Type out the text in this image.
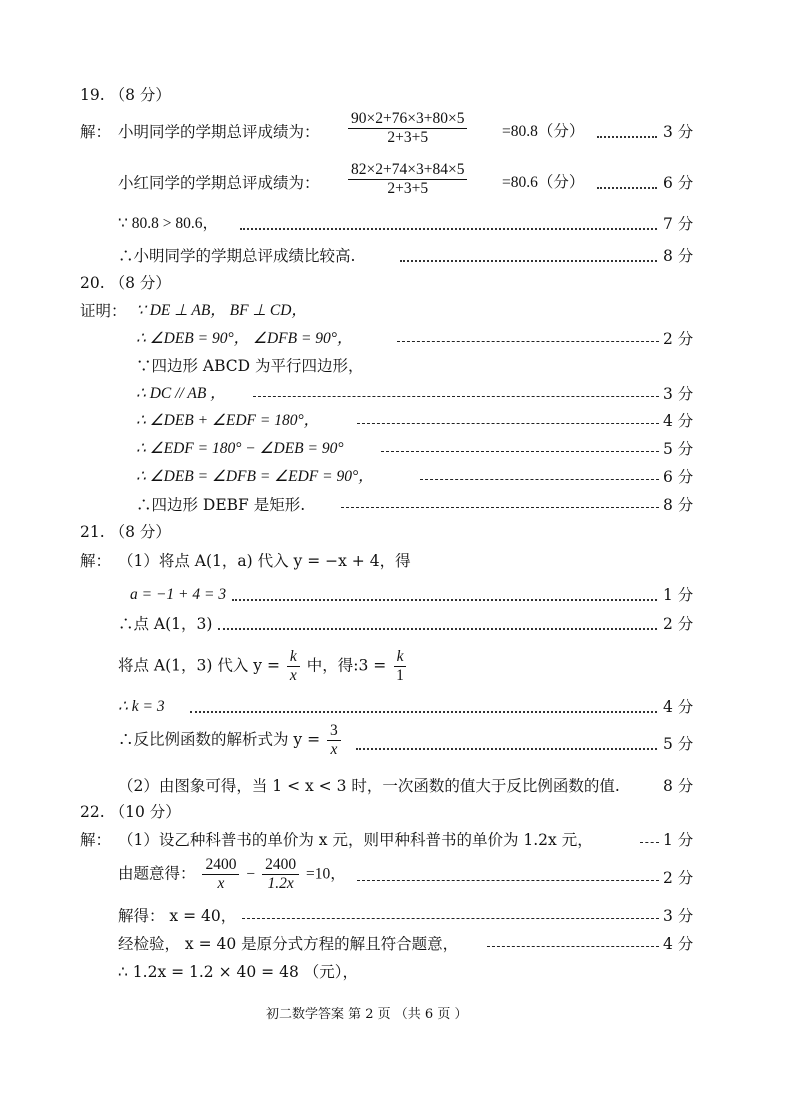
19. （8 分）
解： 小明同学的学期总评成绩为： $\frac{90\times 2+76\times 3+80\times 5}{2+3+5} =80.8$（分）	3 分
小红同学的学期总评成绩为： $\frac{82\times 2+74\times 3+84\times 5}{2+3+5} =80.6$（分）	6 分
∵ 80.8 > 80.6，	7 分
∴小明同学的学期总评成绩比较高.	8 分
20. （8 分）
证明： ∵ DE ⊥ AB， BF ⊥ CD，
∴ ∠DEB = 90°， ∠DFB = 90°，	2 分
∵四边形 ABCD 为平行四边形，
∴ DC // AB ，	3 分
∴ ∠DEB + ∠EDF = 180°，	4 分
∴ ∠EDF = 180° − ∠DEB = 90°	5 分
∴ ∠DEB = ∠DFB = ∠EDF = 90°，	6 分
∴四边形 DEBF 是矩形.	8 分
21. （8 分）
解： （1）将点 A(1，a) 代入 y = −x + 4，得
a = −1 + 4 = 3	1 分
∴点 A(1，3)	2 分
将点 A(1，3) 代入 $y = \frac{k}{x}$ 中，得:3 = $\frac{k}{1}$
∴ k = 3	4 分
∴反比例函数的解析式为 $y = \frac{3}{x}$	5 分
（2）由图象可得，当 1 < x < 3 时，一次函数的值大于反比例函数的值.	8 分
22. （10 分）
解： （1）设乙种科普书的单价为 x 元，则甲种科普书的单价为 1.2x 元，	1 分
由题意得： $\frac{2400}{x} - \frac{2400}{1.2x} =10$，	2 分
解得： x = 40，	3 分
经检验， x = 40 是原分式方程的解且符合题意，	4 分
∴ 1.2x = 1.2 × 40 = 48 （元），
初二数学答案 第 2 页 （共 6 页 ）
